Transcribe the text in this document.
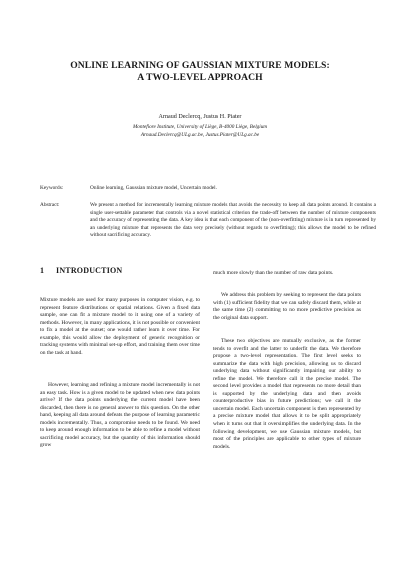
ONLINE LEARNING OF GAUSSIAN MIXTURE MODELS:
A TWO-LEVEL APPROACH
Arnaud Declercq, Justus H. Piater
Montefiore Institute, University of Liège, B-4000 Liège, Belgium
Arnaud.Declercq@ULg.ac.be, Justus.Piater@ULg.ac.be
Keywords:	Online learning, Gaussian mixture model, Uncertain model.
Abstract:	We present a method for incrementally learning mixture models that avoids the necessity to keep all data points around. It contains a single user-settable parameter that controls via a novel statistical criterion the trade-off between the number of mixture components and the accuracy of representing the data. A key idea is that each component of the (non-overfitting) mixture is in turn represented by an underlying mixture that represents the data very precisely (without regards to overfitting); this allows the model to be refined without sacrificing accuracy.
1 INTRODUCTION

Mixture models are used for many purposes in computer vision, e.g. to represent feature distributions or spatial relations. Given a fixed data sample, one can fit a mixture model to it using one of a variety of methods. However, in many applications, it is not possible or convenient to fix a model at the outset; one would rather learn it over time. For example, this would allow the deployment of generic recognition or tracking systems with minimal set-up effort, and training them over time on the task at hand.

However, learning and refining a mixture model incrementally is not an easy task. How is a given model to be updated when new data points arrive? If the data points underlying the current model have been discarded, then there is no general answer to this question. On the other hand, keeping all data around defeats the purpose of learning parametric models incrementally. Thus, a compromise needs to be found. We need to keep around enough information to be able to refine a model without sacrificing model accuracy, but the quantity of this information should grow

much more slowly than the number of raw data points.

We address this problem by seeking to represent the data points with (1) sufficient fidelity that we can safely discard them, while at the same time (2) committing to no more predictive precision as the original data support.

These two objectives are mutually exclusive, as the former tends to overfit and the latter to underfit the data. We therefore propose a two-level representation. The first level seeks to summarize the data with high precision, allowing us to discard underlying data without significantly impairing our ability to refine the model. We therefore call it the precise model. The second level provides a model that represents no more detail than is supported by the underlying data and then avoids counterproductive bias in future predictions; we call it the uncertain model. Each uncertain component is then represented by a precise mixture model that allows it to be split appropriately when it turns out that it oversimplifies the underlying data. In the following development, we use Gaussian mixture models, but most of the principles are applicable to other types of mixture models.
